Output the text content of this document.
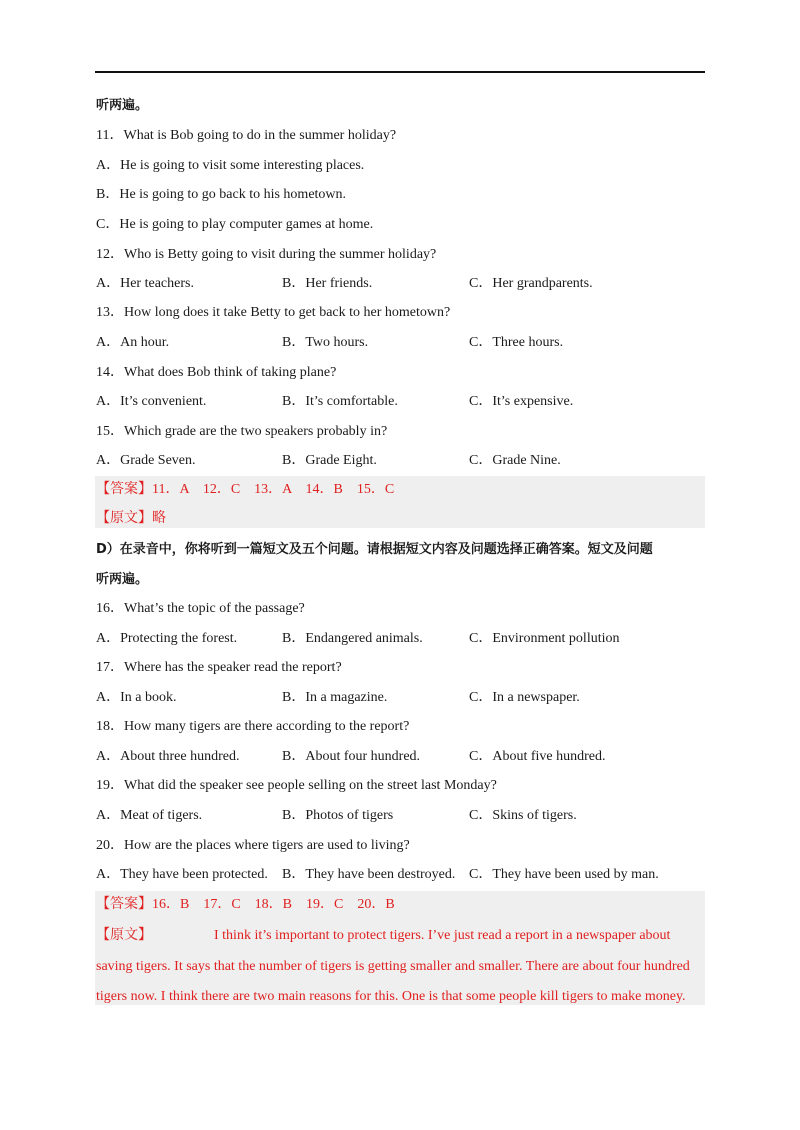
听两遍。
11．What is Bob going to do in the summer holiday?
A．He is going to visit some interesting places.
B．He is going to go back to his hometown.
C．He is going to play computer games at home.
12．Who is Betty going to visit during the summer holiday?
A．Her teachers.	B．Her friends.	C．Her grandparents.
13．How long does it take Betty to get back to her hometown?
A．An hour.	B．Two hours.	C．Three hours.
14．What does Bob think of taking plane?
A．It’s convenient.	B．It’s comfortable.	C．It’s expensive.
15．Which grade are the two speakers probably in?
A．Grade Seven.	B．Grade Eight.	C．Grade Nine.
【答案】11．A　12．C　13．A　14．B　15．C
【原文】略
D）在录音中，你将听到一篇短文及五个问题。请根据短文内容及问题选择正确答案。短文及问题
听两遍。
16．What’s the topic of the passage?
A．Protecting the forest.	B．Endangered animals.	C．Environment pollution
17．Where has the speaker read the report?
A．In a book.	B．In a magazine.	C．In a newspaper.
18．How many tigers are there according to the report?
A．About three hundred.	B．About four hundred.	C．About five hundred.
19．What did the speaker see people selling on the street last Monday?
A．Meat of tigers.	B．Photos of tigers	C．Skins of tigers.
20．How are the places where tigers are used to living?
A．They have been protected.	B．They have been destroyed. C．They have been used by man.
【答案】16．B　17．C　18．B　19．C　20．B
【原文】	I think it’s important to protect tigers. I’ve just read a report in a newspaper about
saving tigers. It says that the number of tigers is getting smaller and smaller. There are about four hundred
tigers now. I think there are two main reasons for this. One is that some people kill tigers to make money.
